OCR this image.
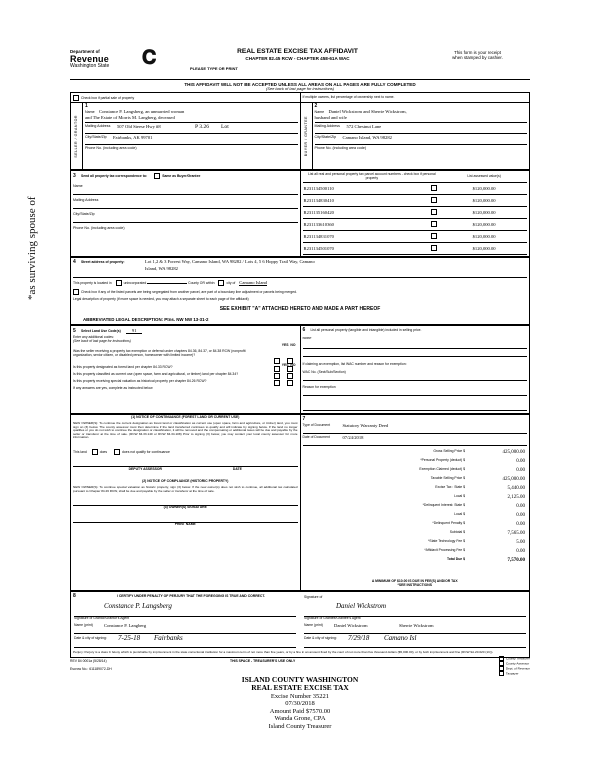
*as surviving spouse of
Department of
Revenue
Washington State	𝐂	REAL ESTATE EXCISE TAX AFFIDAVIT
CHAPTER 82.45 RCW - CHAPTER 458-61A WAC
This form is your receipt
when stamped by cashier.
PLEASE TYPE OR PRINT
THIS AFFIDAVIT WILL NOT BE ACCEPTED UNLESS ALL AREAS ON ALL PAGES ARE FULLY COMPLETED
(See back of last page for instructions)
Check box if partial sale of property	If multiple owners, list percentage of ownership next to name.

SELLER / GRANTOR
1
Name Constance P. Langsberg, an unmarried woman
and The Estate of Morris M. Langberg, deceased
Mailing Address 507 Old Steese Hwy #8	P 3.26 Lot
City/State/Zip Fairbanks, AK 99701
Phone No. (including area code)	BUYER / GRANTEE
2
Name Daniel Wickstrom and Sherrie Wickstrom,
husband and wife
Mailing Address 572 Chestnut Lane
City/State/Zip Camano Island, WA 98282
Phone No. (including area code)
3 Send all property tax correspondence to:	Same as Buyer/Grantee
Name
Mailing Address
City/State/Zip
Phone No. (including area code)

List all real and personal property tax parcel account numbers - check box if personal property	List assessed value(s)
R231134500110	$120,000.00
R231134830410	$120,000.00
R231135160420	$120,000.00
R231133610360	$120,000.00
R231134831070	$120,000.00
R231134501070	$120,000.00
4 Street address of property:	Lot 1,2 & 3 Forrest Way, Camano Island, WA 98282 / Lots 4, 5 6 Hoppy Trail Way, Camano
Island, WA 98282
This property is located in	unincorporated	County OR within	city of Camano Island
Check box if any of the listed parcels are being segregated from another parcel, are part of a boundary line adjustment or parcels being merged.
Legal description of property (if more space is needed, you may attach a separate sheet to each page of the affidavit)
SEE EXHIBIT "A" ATTACHED HERETO AND MADE A PART HEREOF
ABBREVIATED LEGAL DESCRIPTION: Ptns. NW NW 13-31-2
5 Select Land Use Code(s) 91
Enter any additional codes:
(See back of last page for instructions)
Was the seller receiving a property tax exemption or deferral under chapters 84.36, 84.37, or 84.38 RCW (nonprofit organization, senior citizen, or disabled person, homeowner with limited income)?
YES NO
YES NO
Is this property designated as forest land per chapter 84.33 RCW?
Is this property classified as current use (open space, farm and agricultural, or timber) land per chapter 84.34?
Is this property receiving special valuation as historical property per chapter 84.26 RCW?
If any answers are yes, complete as instructed below

6 List all personal property (tangible and intangible) included in selling price.
none
If claiming an exemption, list WAC number and reason for exemption:
WAC No. (Sect/Sub/Section)
Reason for exemption
(1) NOTICE OF CONTINUANCE (FOREST LAND OR CURRENT USE)
NEW OWNER(S): To continue the current designation as forest land or classification as current use (open space, farm and agriculture, or timber) land, you must sign on (3) below. The county assessor must then determine if the land transferred continues to qualify and will indicate by signing below. If the land no longer qualifies or you do not wish to continue the designation or classification, it will be removed and the compensating or additional taxes will be due and payable by the seller or transferor at the time of sale. (RCW 84.33.140 or RCW 84.34.108) Prior to signing (3) below, you may contact your local county assessor for more information.
This land	does	does not qualify for continuance
DEPUTY ASSESSOR	DATE
(2) NOTICE OF COMPLIANCE (HISTORIC PROPERTY)
NEW OWNER(S): To continue special valuation as historic property, sign (3) below. If the new owner(s) does not wish to continue, all additional tax calculated pursuant to Chapter 84.26 RCW, shall be due and payable by the seller or transferor at the time of sale.
(3) OWNER(S) SIGNATURE
PRINT NAME

7
Type of Document	Statutory Warranty Deed
Date of Document	07/24/2018
Gross Selling Price $	425,000.00
*Personal Property (deduct) $	0.00
Exemption Claimed (deduct) $	0.00
Taxable Selling Price $	425,000.00
Excise Tax : State $	5,440.00
Local $	2,125.00
*Delinquent Interest: State $	0.00
Local $	0.00
*Delinquent Penalty $	0.00
Subtotal $	7,565.00
*State Technology Fee $	5.00
*Affidavit Processing Fee $	0.00
Total Due $	7,570.00
A MINIMUM OF $10.00 IS DUE IN FEE(S) AND/OR TAX
*SEE INSTRUCTIONS
8	I CERTIFY UNDER PENALTY OF PERJURY THAT THE FOREGOING IS TRUE AND CORRECT.
Constance P. Langsberg
Signature of Grantor/Grantor's Agent
Name (print) Constance P. Langberg
Date & city of signing: 7-25-18 Fairbanks

Signature of
Daniel Wickstrom
Signature of Grantee/Grantee's Agent
Name (print) Daniel Wickstrom	Sherrie Wickstrom
Date & city of signing: 7/29/18 Camano Isl
Perjury: Perjury is a class C felony which is punishable by imprisonment in the state correctional institution for a maximum term of not more than five years, or by a fine in an amount fixed by the court of not more than five thousand dollars ($5,000.00), or by both imprisonment and fine (RCW 9A.20.020 (1C)).
REV 84 0001a (5/28/14)	THIS SPACE - TREASURER'S USE ONLY
County Treasurer
County Assessor
Dept. of Revenue
Taxpayer
Escrow No.: 611189072-DH
ISLAND COUNTY WASHINGTON
REAL ESTATE EXCISE TAX
Excise Number 35221
07/30/2018
Amount Paid $7570.00
Wanda Grone, CPA
Island County Treasurer
